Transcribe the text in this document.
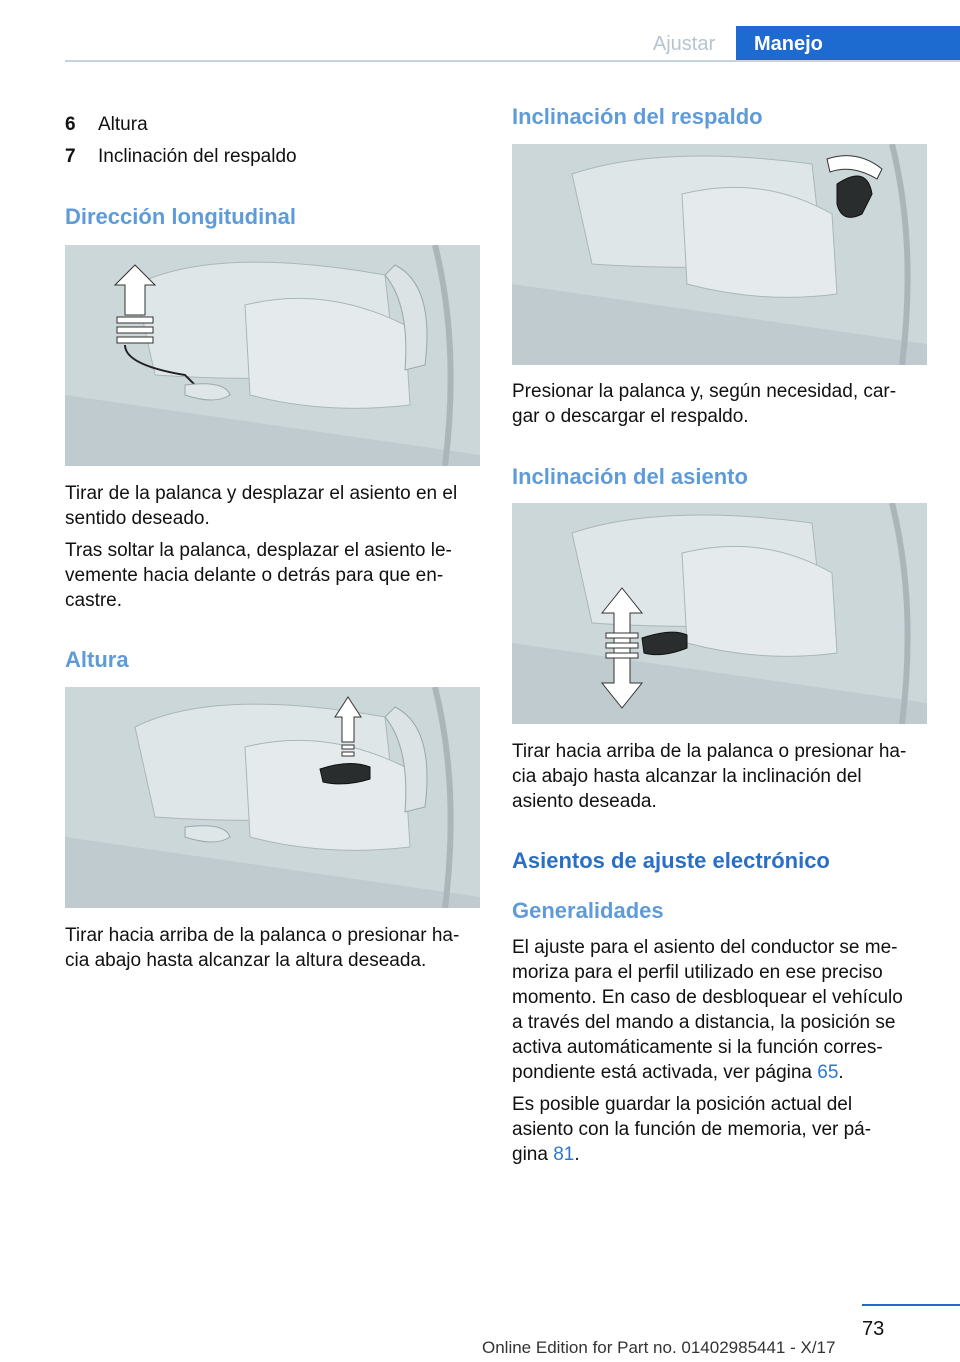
Ajustar	Manejo
6 Altura
7 Inclinación del respaldo
Dirección longitudinal
Tirar de la palanca y desplazar el asiento en el
sentido deseado.
Tras soltar la palanca, desplazar el asiento le‐
vemente hacia delante o detrás para que en‐
castre.
Altura
Tirar hacia arriba de la palanca o presionar ha‐
cia abajo hasta alcanzar la altura deseada.
Inclinación del respaldo
Presionar la palanca y, según necesidad, car‐
gar o descargar el respaldo.
Inclinación del asiento
Tirar hacia arriba de la palanca o presionar ha‐
cia abajo hasta alcanzar la inclinación del
asiento deseada.
Asientos de ajuste electrónico
Generalidades
El ajuste para el asiento del conductor se me‐
moriza para el perfil utilizado en ese preciso
momento. En caso de desbloquear el vehículo
a través del mando a distancia, la posición se
activa automáticamente si la función corres‐
pondiente está activada, ver página 65.
Es posible guardar la posición actual del
asiento con la función de memoria, ver pá‐
gina 81.
73
Online Edition for Part no. 01402985441 - X/17
